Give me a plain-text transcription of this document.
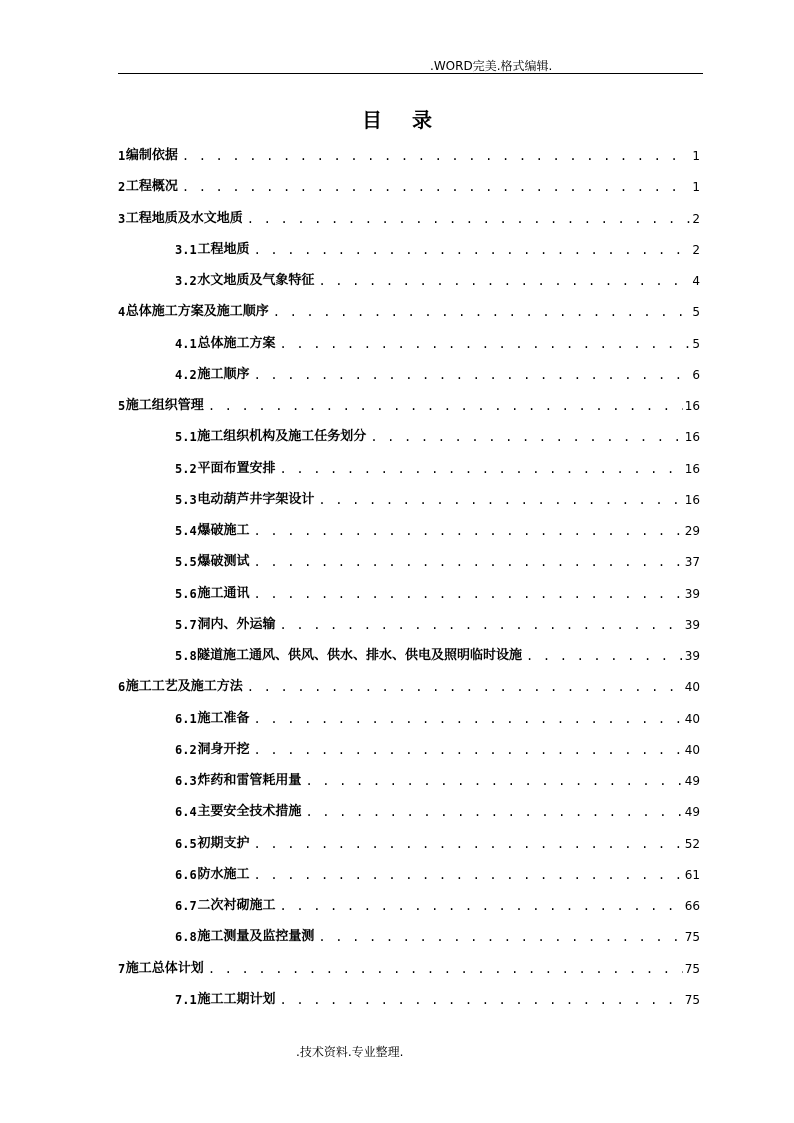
.WORD完美.格式编辑.
目 录
1 编制依据 . . .	1
2 工程概况 . . .	1
3 工程地质及水文地质 . . .	2
3.1 工程地质 . . .	2
3.2 水文地质及气象特征 . . .	4
4 总体施工方案及施工顺序 . . .	5
4.1 总体施工方案 . . .	5
4.2 施工顺序 . . .	6
5 施工组织管理 . . .	16
5.1 施工组织机构及施工任务划分 . . .	16
5.2 平面布置安排 . . .	16
5.3 电动葫芦井字架设计 . . .	16
5.4 爆破施工 . . .	29
5.5 爆破测试 . . .	37
5.6 施工通讯 . . .	39
5.7 洞内、外运输 . . .	39
5.8 隧道施工通风、供风、供水、排水、供电及照明临时设施 . . .	39
6 施工工艺及施工方法 . . .	40
6.1 施工准备 . . .	40
6.2 洞身开挖 . . .	40
6.3 炸药和雷管耗用量 . . .	49
6.4 主要安全技术措施 . . .	49
6.5 初期支护 . . .	52
6.6 防水施工 . . .	61
6.7 二次衬砌施工 . . .	66
6.8 施工测量及监控量测 . . .	75
7 施工总体计划 . . .	75
7.1 施工工期计划 . . .	75
.技术资料.专业整理.
